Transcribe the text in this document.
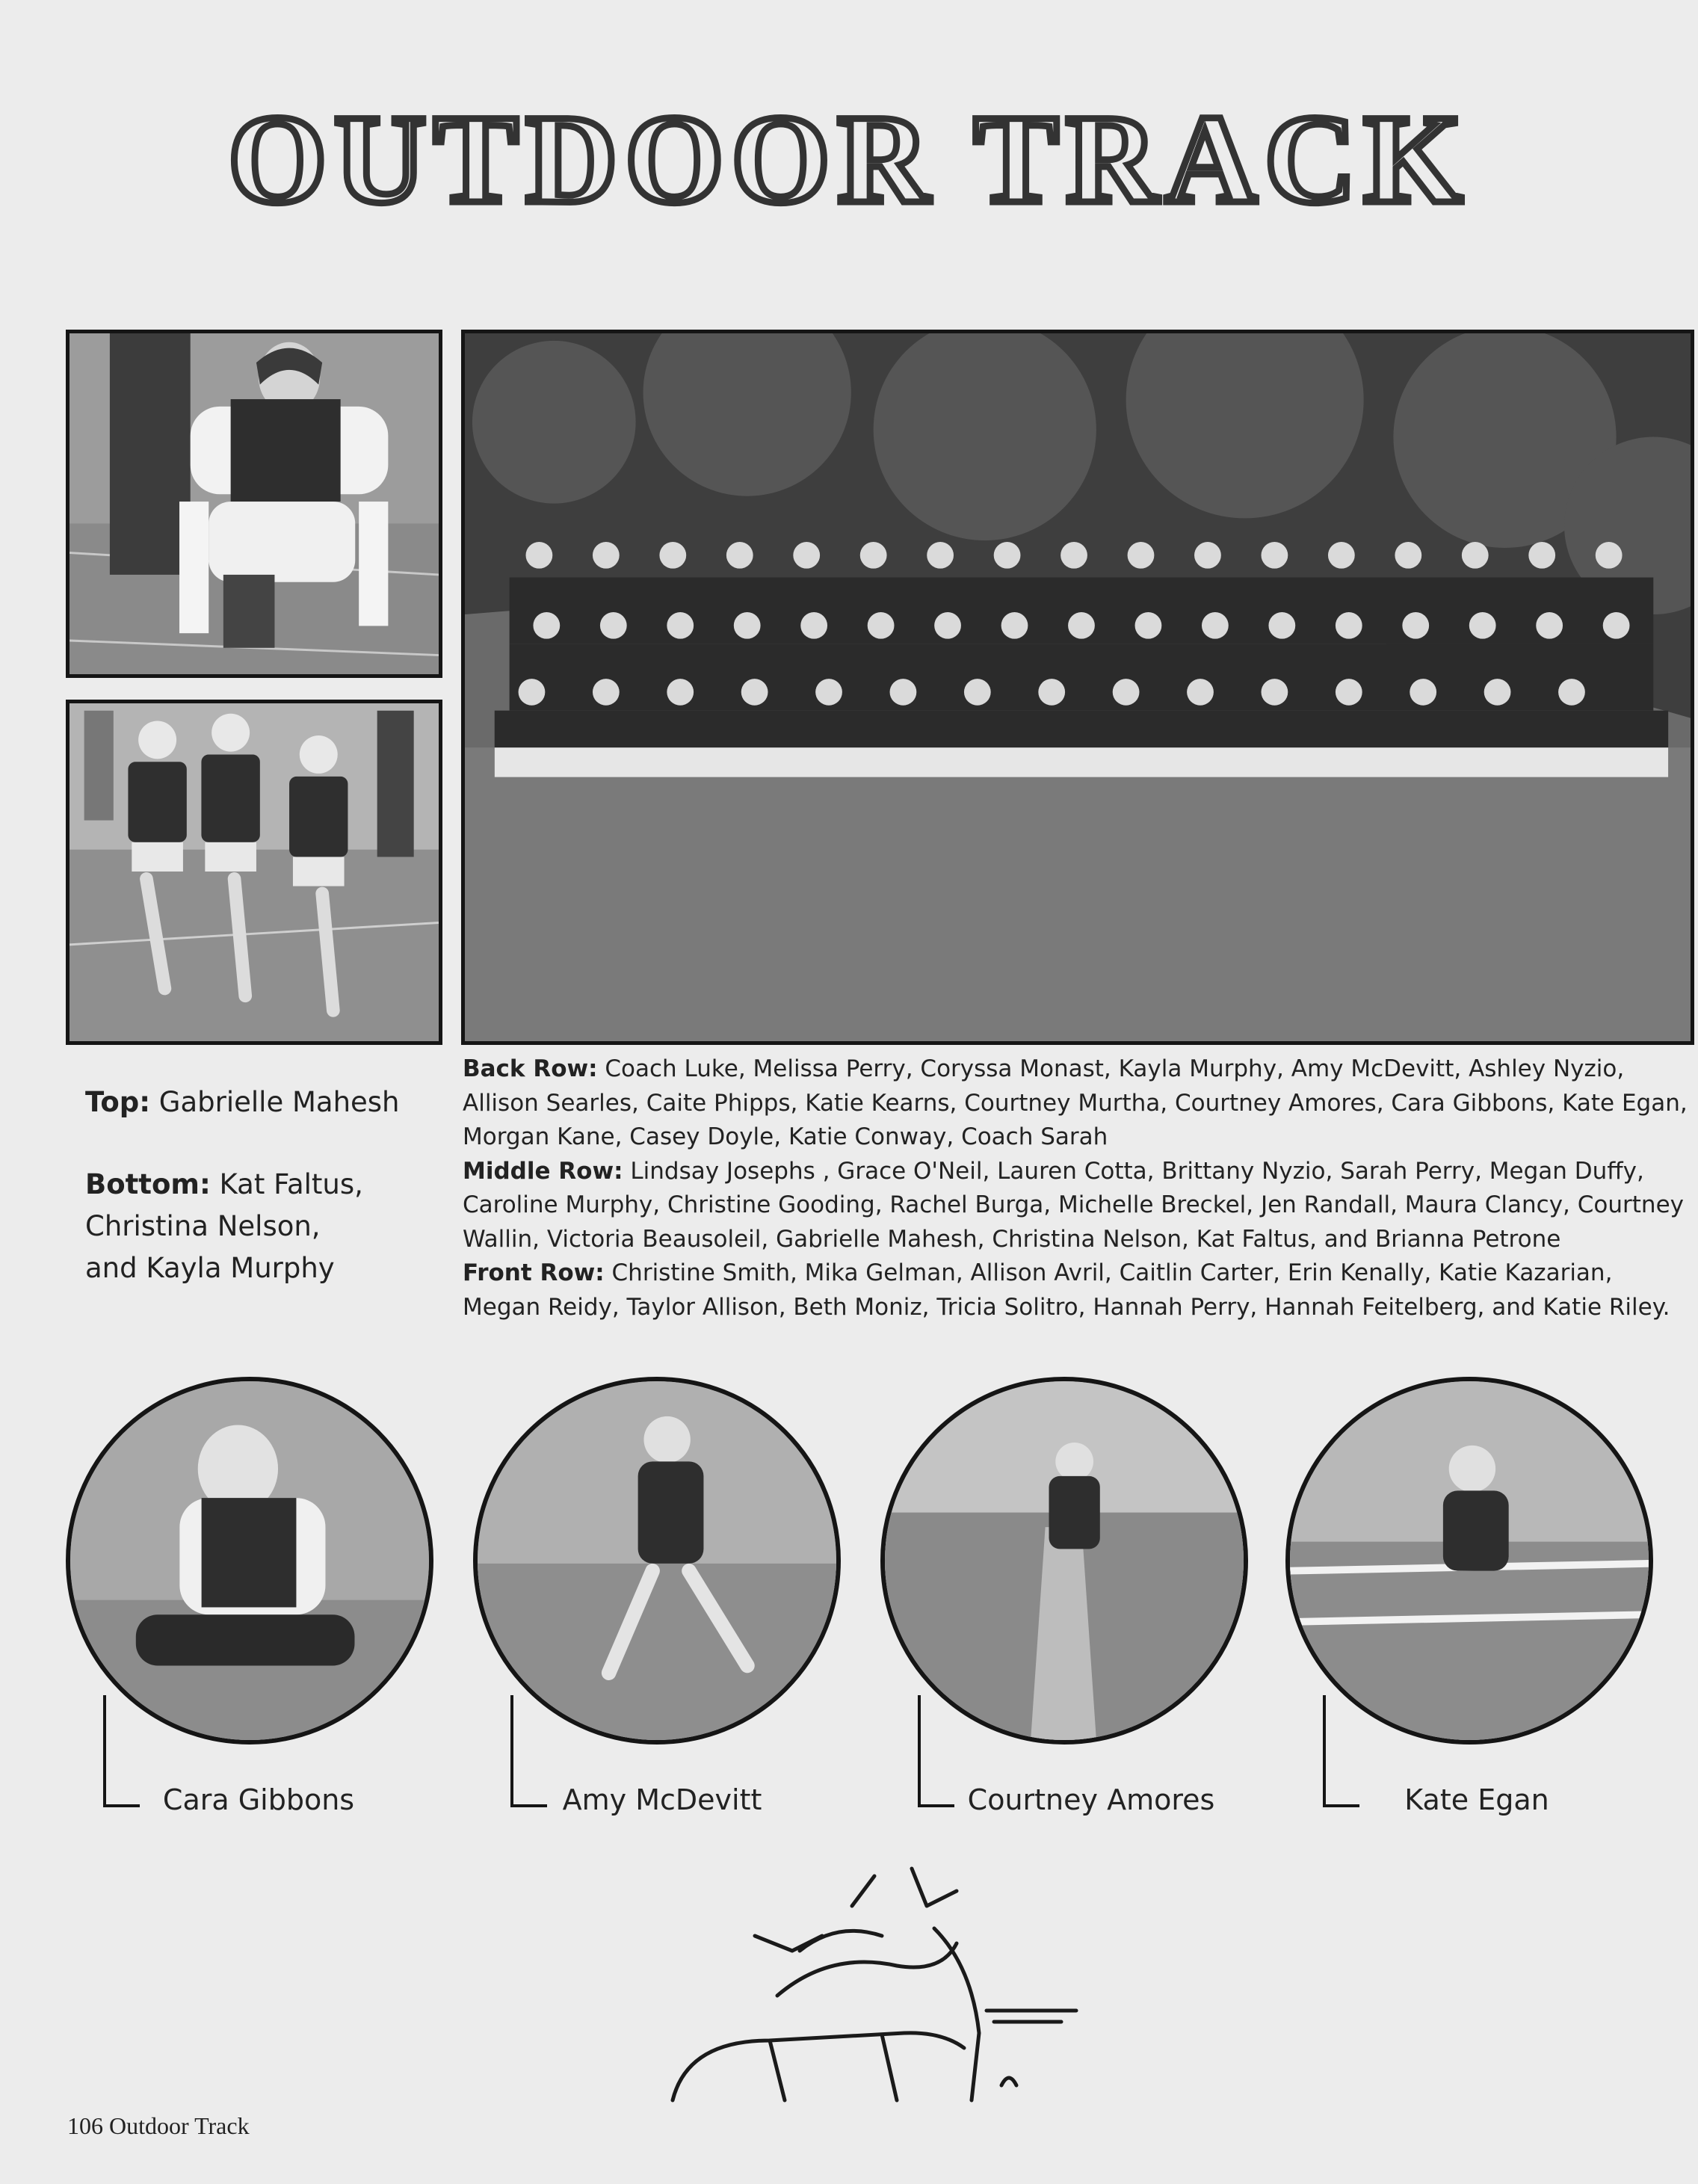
OUTDOOR TRACK
Top: Gabrielle Mahesh
Bottom: Kat Faltus,
Christina Nelson,
and Kayla Murphy

Back Row: Coach Luke, Melissa Perry, Coryssa Monast, Kayla Murphy, Amy McDevitt, Ashley Nyzio, Allison Searles, Caite Phipps, Katie Kearns, Courtney Murtha, Courtney Amores, Cara Gibbons, Kate Egan, Morgan Kane, Casey Doyle, Katie Conway, Coach Sarah

Middle Row: Lindsay Josephs , Grace O'Neil, Lauren Cotta, Brittany Nyzio, Sarah Perry, Megan Duffy, Caroline Murphy, Christine Gooding, Rachel Burga, Michelle Breckel, Jen Randall, Maura Clancy, Courtney Wallin, Victoria Beausoleil, Gabrielle Mahesh, Christina Nelson, Kat Faltus, and Brianna Petrone

Front Row: Christine Smith, Mika Gelman, Allison Avril, Caitlin Carter, Erin Kenally, Katie Kazarian, Megan Reidy, Taylor Allison, Beth Moniz, Tricia Solitro, Hannah Perry, Hannah Feitelberg, and Katie Riley.

Cara Gibbons	Amy McDevitt	Courtney Amores	Kate Egan
106 Outdoor Track
